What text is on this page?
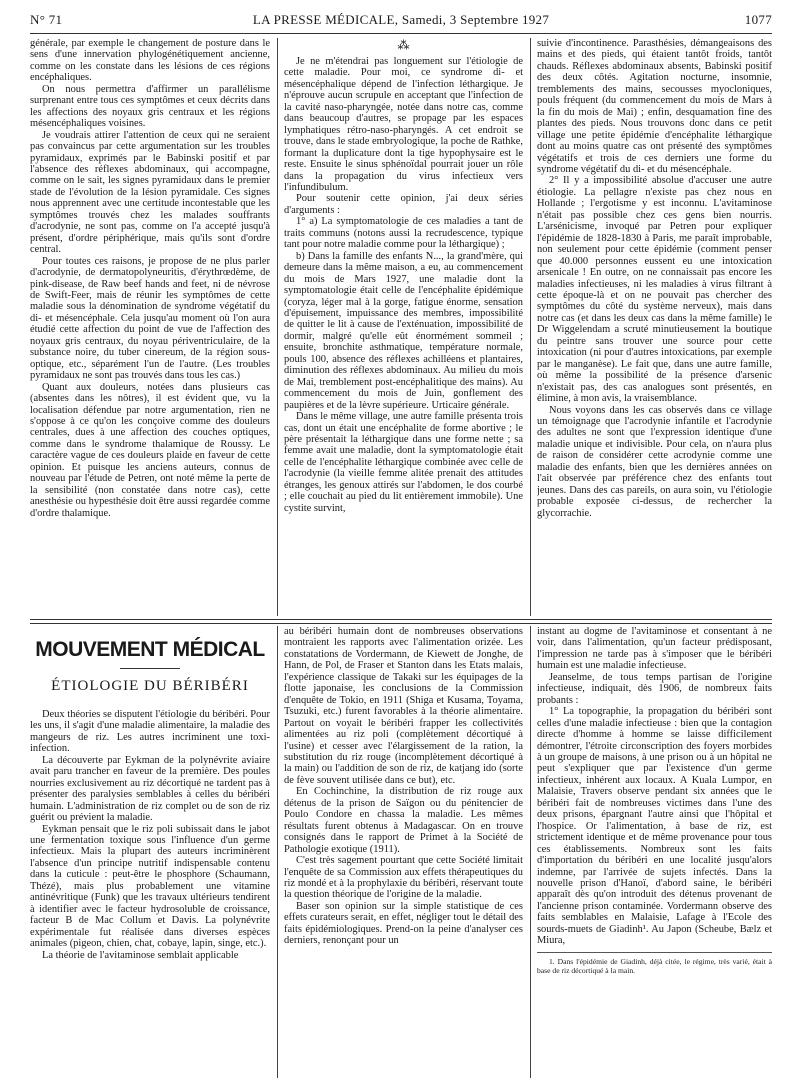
N° 71	LA PRESSE MÉDICALE, Samedi, 3 Septembre 1927	1077

générale, par exemple le changement de posture dans le sens d'une innervation phylogénétiquement ancienne, comme on les constate dans les lésions de ces régions encéphaliques.

On nous permettra d'affirmer un parallélisme surprenant entre tous ces symptômes et ceux décrits dans les affections des noyaux gris centraux et les régions mésencéphaliques voisines.

Je voudrais attirer l'attention de ceux qui ne seraient pas convaincus par cette argumentation sur les troubles pyramidaux, exprimés par le Babinski positif et par l'absence des réflexes abdominaux, qui accompagne, comme on le sait, les signes pyramidaux dans le premier stade de l'évolution de la lésion pyramidale. Ces signes nous apprennent avec une certitude incontestable que les symptômes trouvés chez les malades souffrants d'acrodynie, ne sont pas, comme on l'a accepté jusqu'à présent, d'ordre périphérique, mais qu'ils sont d'ordre central.

Pour toutes ces raisons, je propose de ne plus parler d'acrodynie, de dermatopolyneuritis, d'érythrœdème, de pink-disease, de Raw beef hands and feet, ni de névrose de Swift-Feer, mais de réunir les symptômes de cette maladie sous la dénomination de syndrome végétatif du di- et mésencéphale. Cela jusqu'au moment où l'on aura étudié cette affection du point de vue de l'affection des noyaux gris centraux, du noyau périventriculaire, de la substance noire, du tuber cinereum, de la région sous-optique, etc., séparément l'un de l'autre. (Les troubles pyramidaux ne sont pas trouvés dans tous les cas.)

Quant aux douleurs, notées dans plusieurs cas (absentes dans les nôtres), il est évident que, vu la localisation défendue par notre argumentation, rien ne s'oppose à ce qu'on les conçoive comme des douleurs centrales, dues à une affection des couches optiques, comme dans le syndrome thalamique de Roussy. Le caractère vague de ces douleurs plaide en faveur de cette opinion. Et puisque les anciens auteurs, connus de nouveau par l'étude de Petren, ont noté même la perte de la sensibilité (non constatée dans notre cas), cette anesthésie ou hypesthésie doit être aussi regardée comme d'ordre thalamique.

⁂

Je ne m'étendrai pas longuement sur l'étiologie de cette maladie. Pour moi, ce syndrome di- et mésencéphalique dépend de l'infection léthargique. Je n'éprouve aucun scrupule en acceptant que l'infection de la cavité naso-pharyngée, notée dans notre cas, comme dans beaucoup d'autres, se propage par les espaces lymphatiques rétro-naso-pharyngés. A cet endroit se trouve, dans le stade embryologique, la poche de Rathke, formant la duplicature dont la tige hypophysaire est le reste. Ensuite le sinus sphénoïdal pourrait jouer un rôle dans la propagation du virus infectieux vers l'infundibulum.

Pour soutenir cette opinion, j'ai deux séries d'arguments :

1° a) La symptomatologie de ces maladies a tant de traits communs (notons aussi la recrudescence, typique tant pour notre maladie comme pour la léthargique) ;

b) Dans la famille des enfants N..., la grand'mère, qui demeure dans la même maison, a eu, au commencement du mois de Mars 1927, une maladie dont la symptomatologie était celle de l'encéphalite épidémique (coryza, léger mal à la gorge, fatigue énorme, sensation d'épuisement, impuissance des membres, impossibilité de quitter le lit à cause de l'exténuation, impossibilité de dormir, malgré qu'elle eût énormément sommeil ; ensuite, bronchite asthmatique, température normale, pouls 100, absence des réflexes achilléens et plantaires, diminution des réflexes abdominaux. Au milieu du mois de Mai, tremblement post-encéphalitique des mains). Au commencement du mois de Juin, gonflement des paupières et de la lèvre supérieure. Urticaire générale.

Dans le même village, une autre famille présenta trois cas, dont un était une encéphalite de forme abortive ; le père présentait la léthargique dans une forme nette ; sa femme avait une maladie, dont la symptomatologie était celle de l'encéphalite léthargique combinée avec celle de l'acrodynie (la vieille femme alitée prenait des attitudes étranges, les genoux attirés sur l'abdomen, le dos courbé ; elle couchait au pied du lit entièrement immobile). Une cystite survint,

suivie d'incontinence. Parasthésies, démangeaisons des mains et des pieds, qui étaient tantôt froids, tantôt chauds. Réflexes abdominaux absents, Babinski positif des deux côtés. Agitation nocturne, insomnie, tremblements des mains, secousses myocloniques, pouls fréquent (du commencement du mois de Mars à la fin du mois de Mai) ; enfin, desquamation fine des plantes des pieds. Nous trouvons donc dans ce petit village une petite épidémie d'encéphalite léthargique dont au moins quatre cas ont présenté des symptômes végétatifs et trois de ces derniers une forme du syndrome végétatif du di- et du mésencéphale.

2° Il y a impossibilité absolue d'accuser une autre étiologie. La pellagre n'existe pas chez nous en Hollande ; l'ergotisme y est inconnu. L'avitaminose n'était pas possible chez ces gens bien nourris. L'arsénicisme, invoqué par Petren pour expliquer l'épidémie de 1828-1830 à Paris, me paraît improbable, non seulement pour cette épidémie (comment penser que 40.000 personnes eussent eu une intoxication arsenicale ! En outre, on ne connaissait pas encore les maladies infectieuses, ni les maladies à virus filtrant à cette époque-là et on ne pouvait pas chercher des symptômes du côté du système nerveux), mais dans notre cas (et dans les deux cas dans la même famille) le Dr Wiggelendam a scruté minutieusement la boutique du peintre sans trouver une source pour cette intoxication (ni pour d'autres intoxications, par exemple par le manganèse). Le fait que, dans une autre famille, où même la possibilité de la présence d'arsenic n'existait pas, des cas analogues sont présentés, en élimine, à mon avis, la vraisemblance.

Nous voyons dans les cas observés dans ce village un témoignage que l'acrodynie infantile et l'acrodynie des adultes ne sont que l'expression identique d'une maladie unique et indivisible. Pour cela, on n'aura plus de raison de considérer cette acrodynie comme une maladie des enfants, bien que les dernières années on l'ait observée par préférence chez des enfants tout jeunes. Dans des cas pareils, on aura soin, vu l'étiologie probable exposée ci-dessus, de rechercher la glycorrachie.

MOUVEMENT MÉDICAL
ÉTIOLOGIE DU BÉRIBÉRI

Deux théories se disputent l'étiologie du béribéri. Pour les uns, il s'agit d'une maladie alimentaire, la maladie des mangeurs de riz. Les autres incriminent une toxi-infection.

La découverte par Eykman de la polynévrite aviaire avait paru trancher en faveur de la première. Des poules nourries exclusivement au riz décortiqué ne tardent pas à présenter des paralysies semblables à celles du béribéri humain. L'administration de riz complet ou de son de riz guérit ou prévient la maladie.

Eykman pensait que le riz poli subissait dans le jabot une fermentation toxique sous l'influence d'un germe infectieux. Mais la plupart des auteurs incriminèrent l'absence d'un principe nutritif indispensable contenu dans la cuticule : peut-être le phosphore (Schaumann, Thézé), mais plus probablement une vitamine antinévritique (Funk) que les travaux ultérieurs tendirent à identifier avec le facteur hydrosoluble de croissance, facteur B de Mac Collum et Davis. La polynévrite expérimentale fut réalisée dans diverses espèces animales (pigeon, chien, chat, cobaye, lapin, singe, etc.).

La théorie de l'avitaminose semblait applicable

au béribéri humain dont de nombreuses observations montraient les rapports avec l'alimentation orizée. Les constatations de Vordermann, de Kiewett de Jonghe, de Hann, de Pol, de Fraser et Stanton dans les Etats malais, l'expérience classique de Takaki sur les équipages de la flotte japonaise, les conclusions de la Commission d'enquête de Tokio, en 1911 (Shiga et Kusama, Toyama, Tsuzuki, etc.) furent favorables à la théorie alimentaire. Partout on voyait le béribéri frapper les collectivités alimentées au riz poli (complètement décortiqué à l'usine) et cesser avec l'élargissement de la ration, la substitution du riz rouge (incomplètement décortiqué à la main) ou l'addition de son de riz, de katjang ido (sorte de fève souvent utilisée dans ce but), etc.

En Cochinchine, la distribution de riz rouge aux détenus de la prison de Saïgon ou du pénitencier de Poulo Condore en chassa la maladie. Les mêmes résultats furent obtenus à Madagascar. On en trouve consignés dans le rapport de Primet à la Société de Pathologie exotique (1911).

C'est très sagement pourtant que cette Société limitait l'enquête de sa Commission aux effets thérapeutiques du riz mondé et à la prophylaxie du béribéri, réservant toute la question théorique de l'origine de la maladie.

Baser son opinion sur la simple statistique de ces effets curateurs serait, en effet, négliger tout le détail des faits épidémiologiques. Prend-on la peine d'analyser ces derniers, renonçant pour un

instant au dogme de l'avitaminose et consentant à ne voir, dans l'alimentation, qu'un facteur prédisposant, l'impression ne tarde pas à s'imposer que le béribéri humain est une maladie infectieuse.

Jeanselme, de tous temps partisan de l'origine infectieuse, indiquait, dès 1906, de nombreux faits probants :

1° La topographie, la propagation du béribéri sont celles d'une maladie infectieuse : bien que la contagion directe d'homme à homme se laisse difficilement démontrer, l'étroite circonscription des foyers morbides à un groupe de maisons, à une prison ou à un hôpital ne peut s'expliquer que par l'existence d'un germe infectieux, inhérent aux locaux. A Kuala Lumpor, en Malaisie, Travers observe pendant six années que le béribéri fait de nombreuses victimes dans l'une des deux prisons, épargnant l'autre ainsi que l'hôpital et l'hospice. Or l'alimentation, à base de riz, est strictement identique et de même provenance pour tous ces établissements. Nombreux sont les faits d'importation du béribéri en une localité jusqu'alors indemne, par l'arrivée de sujets infectés. Dans la nouvelle prison d'Hanoï, d'abord saine, le béribéri apparaît dès qu'on introduit des détenus provenant de l'ancienne prison contaminée. Vordermann observe des faits semblables en Malaisie, Lafage à l'Ecole des sourds-muets de Giadinh¹. Au Japon (Scheube, Bælz et Miura,

1. Dans l'épidémie de Giadinh, déjà citée, le régime, très varié, était à base de riz décortiqué à la main.
